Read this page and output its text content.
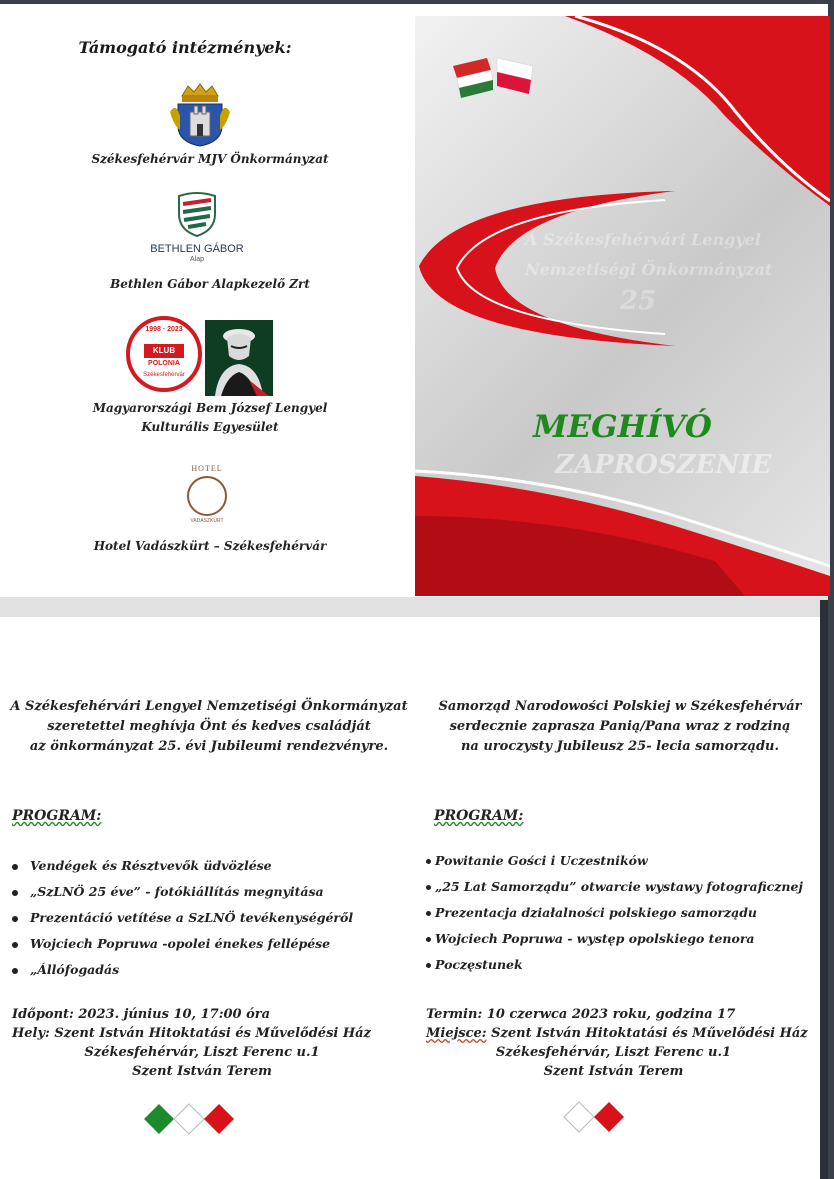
Támogató intézmények:
Székesfehérvár MJV Önkormányzat
BETHLEN GÁBOR
Alap
Bethlen Gábor Alapkezelő Zrt
1998 · 2023
KLUB
POLONIA
Székesfehérvár
Magyarországi Bem József Lengyel
Kulturális Egyesület
HOTEL
VADÁSZKÜRT
Hotel Vadászkürt – Székesfehérvár
A Székesfehérvári Lengyel
Nemzetiségi Önkormányzat
25
ZAPROSZENIE
MEGHÍVÓ
A Székesfehérvári Lengyel Nemzetiségi Önkormányzat
szeretettel meghívja Önt és kedves családját
az önkormányzat 25. évi Jubileumi rendezvényre.
PROGRAM:
Vendégek és Résztvevők üdvözlése
„SzLNÖ 25 éve” - fotókiállítás megnyitása
Prezentáció vetítése a SzLNÖ tevékenységéről
Wojciech Popruwa -opolei énekes fellépése
„Állófogadás
Időpont: 2023. június 10, 17:00 óra
Hely: Szent István Hitoktatási és Művelődési Ház
Székesfehérvár, Liszt Ferenc u.1
Szent István Terem
Samorząd Narodowości Polskiej w Székesfehérvár
serdecznie zaprasza Panią/Pana wraz z rodziną
na uroczysty Jubileusz 25- lecia samorządu.
PROGRAM:
Powitanie Gości i Uczestników
„25 Lat Samorządu” otwarcie wystawy fotograficznej
Prezentacja działalności polskiego samorządu
Wojciech Popruwa - występ opolskiego tenora
Poczęstunek
Termin: 10 czerwca 2023 roku, godzina 17
Miejsce: Szent István Hitoktatási és Művelődési Ház
Székesfehérvár, Liszt Ferenc u.1
Szent István Terem
